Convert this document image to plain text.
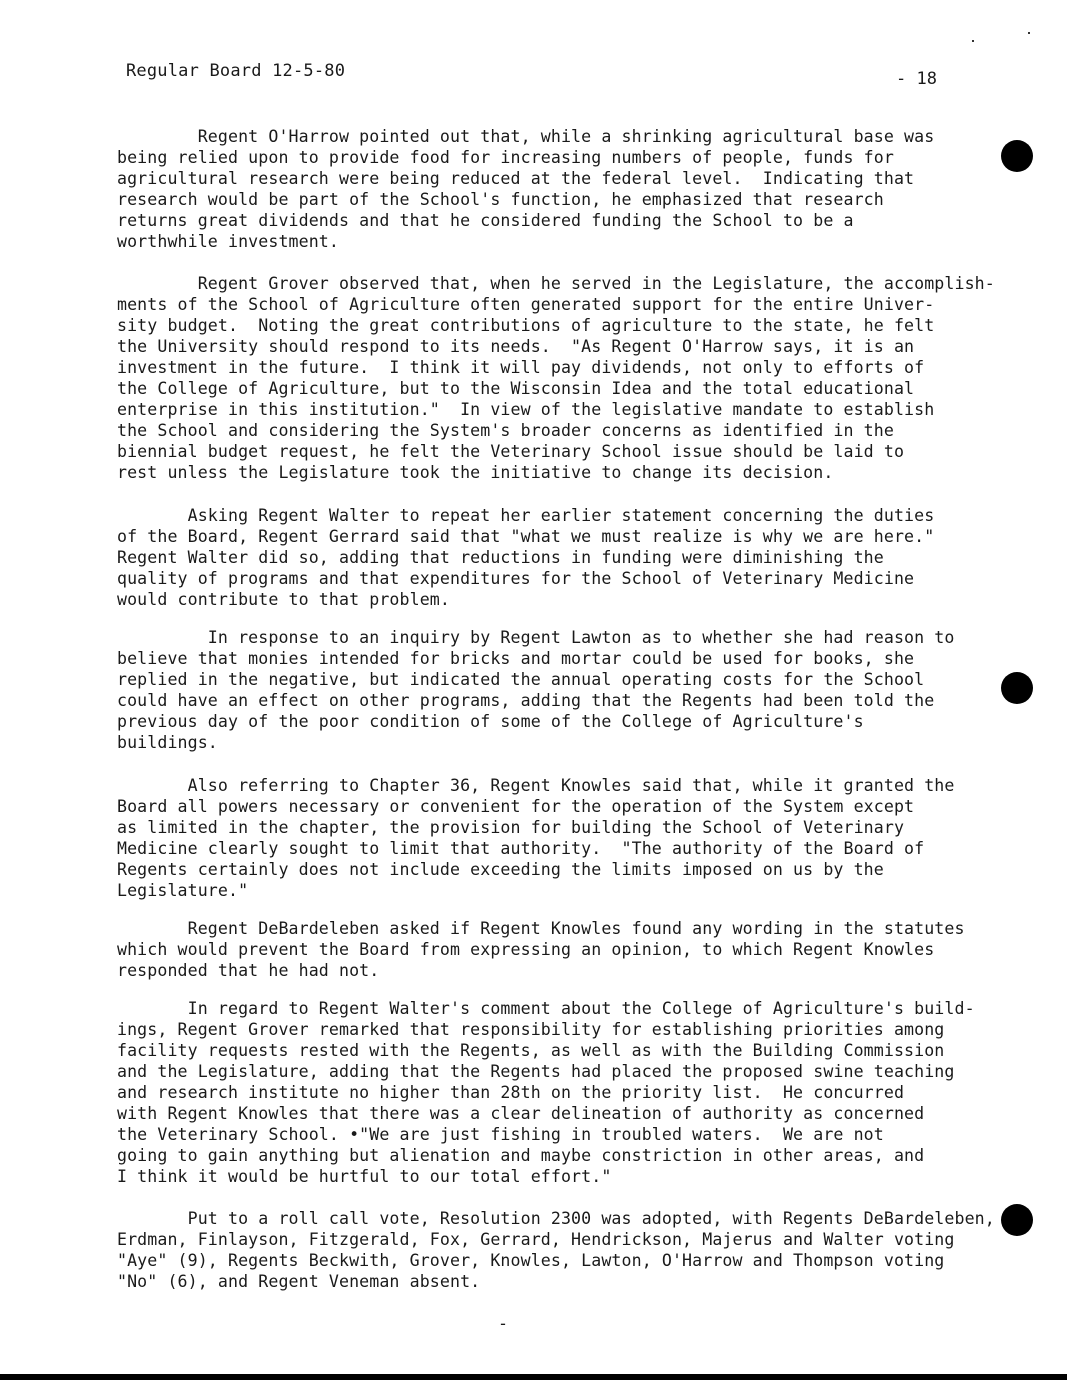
Regular Board 12-5-80	- 18
Regent O'Harrow pointed out that, while a shrinking agricultural base was
being relied upon to provide food for increasing numbers of people, funds for
agricultural research were being reduced at the federal level.  Indicating that
research would be part of the School's function, he emphasized that research
returns great dividends and that he considered funding the School to be a
worthwhile investment.
Regent Grover observed that, when he served in the Legislature, the accomplish-
ments of the School of Agriculture often generated support for the entire Univer-
sity budget.  Noting the great contributions of agriculture to the state, he felt
the University should respond to its needs.  "As Regent O'Harrow says, it is an
investment in the future.  I think it will pay dividends, not only to efforts of
the College of Agriculture, but to the Wisconsin Idea and the total educational
enterprise in this institution."  In view of the legislative mandate to establish
the School and considering the System's broader concerns as identified in the
biennial budget request, he felt the Veterinary School issue should be laid to
rest unless the Legislature took the initiative to change its decision.
Asking Regent Walter to repeat her earlier statement concerning the duties
of the Board, Regent Gerrard said that "what we must realize is why we are here."
Regent Walter did so, adding that reductions in funding were diminishing the
quality of programs and that expenditures for the School of Veterinary Medicine
would contribute to that problem.
In response to an inquiry by Regent Lawton as to whether she had reason to
believe that monies intended for bricks and mortar could be used for books, she
replied in the negative, but indicated the annual operating costs for the School
could have an effect on other programs, adding that the Regents had been told the
previous day of the poor condition of some of the College of Agriculture's
buildings.
Also referring to Chapter 36, Regent Knowles said that, while it granted the
Board all powers necessary or convenient for the operation of the System except
as limited in the chapter, the provision for building the School of Veterinary
Medicine clearly sought to limit that authority.  "The authority of the Board of
Regents certainly does not include exceeding the limits imposed on us by the
Legislature."
Regent DeBardeleben asked if Regent Knowles found any wording in the statutes
which would prevent the Board from expressing an opinion, to which Regent Knowles
responded that he had not.
In regard to Regent Walter's comment about the College of Agriculture's build-
ings, Regent Grover remarked that responsibility for establishing priorities among
facility requests rested with the Regents, as well as with the Building Commission
and the Legislature, adding that the Regents had placed the proposed swine teaching
and research institute no higher than 28th on the priority list.  He concurred
with Regent Knowles that there was a clear delineation of authority as concerned
the Veterinary School. •"We are just fishing in troubled waters.  We are not
going to gain anything but alienation and maybe constriction in other areas, and
I think it would be hurtful to our total effort."
Put to a roll call vote, Resolution 2300 was adopted, with Regents DeBardeleben,
Erdman, Finlayson, Fitzgerald, Fox, Gerrard, Hendrickson, Majerus and Walter voting
"Aye" (9), Regents Beckwith, Grover, Knowles, Lawton, O'Harrow and Thompson voting
"No" (6), and Regent Veneman absent.
-
